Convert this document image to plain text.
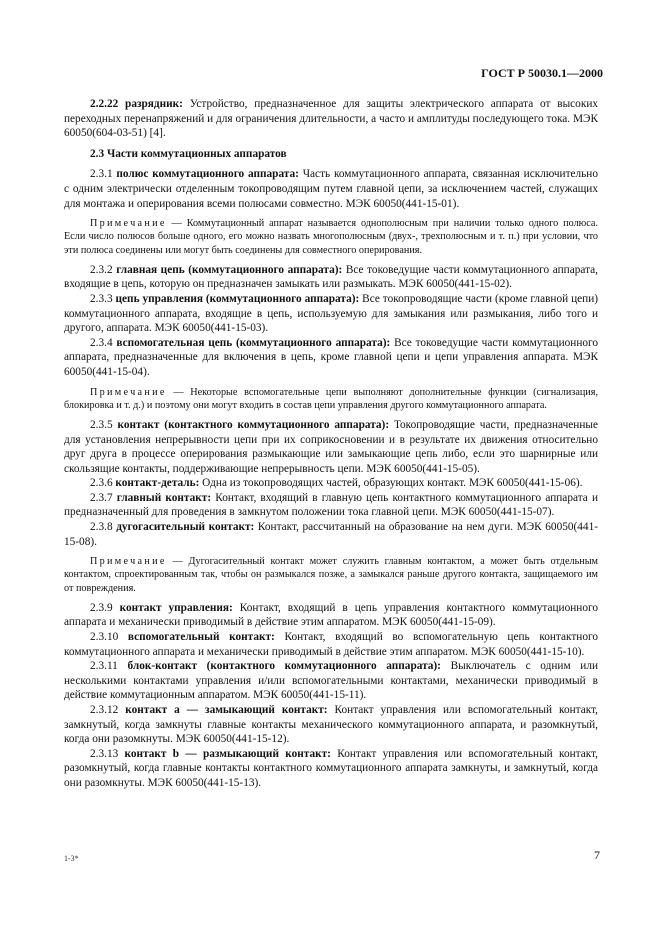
ГОСТ Р 50030.1—2000

2.2.22 разрядник: Устройство, предназначенное для защиты электрического аппарата от высоких переходных перенапряжений и для ограничения длительности, а часто и амплитуды последующего тока. МЭК 60050(604-03-51) [4].

2.3 Части коммутационных аппаратов

2.3.1 полюс коммутационного аппарата: Часть коммутационного аппарата, связанная исключительно с одним электрически отделенным токопроводящим путем главной цепи, за исключением частей, служащих для монтажа и оперирования всеми полюсами совместно. МЭК 60050(441-15-01).

Примечание — Коммутационный аппарат называется однополюсным при наличии только одного полюса. Если число полюсов больше одного, его можно назвать многополюсным (двух-, трехполюсным и т. п.) при условии, что эти полюса соединены или могут быть соединены для совместного оперирования.

2.3.2 главная цепь (коммутационного аппарата): Все токоведущие части коммутационного аппарата, входящие в цепь, которую он предназначен замыкать или размыкать. МЭК 60050(441-15-02).

2.3.3 цепь управления (коммутационного аппарата): Все токопроводящие части (кроме главной цепи) коммутационного аппарата, входящие в цепь, используемую для замыкания или размыкания, либо того и другого, аппарата. МЭК 60050(441-15-03).

2.3.4 вспомогательная цепь (коммутационного аппарата): Все токоведущие части коммутационного аппарата, предназначенные для включения в цепь, кроме главной цепи и цепи управления аппарата. МЭК 60050(441-15-04).

Примечание — Некоторые вспомогательные цепи выполняют дополнительные функции (сигнализация, блокировка и т. д.) и поэтому они могут входить в состав цепи управления другого коммутационного аппарата.

2.3.5 контакт (контактного коммутационного аппарата): Токопроводящие части, предназначенные для установления непрерывности цепи при их соприкосновении и в результате их движения относительно друг друга в процессе оперирования размыкающие или замыкающие цепь либо, если это шарнирные или скользящие контакты, поддерживающие непрерывность цепи. МЭК 60050(441-15-05).

2.3.6 контакт-деталь: Одна из токопроводящих частей, образующих контакт. МЭК 60050(441-15-06).

2.3.7 главный контакт: Контакт, входящий в главную цепь контактного коммутационного аппарата и предназначенный для проведения в замкнутом положении тока главной цепи. МЭК 60050(441-15-07).

2.3.8 дугогасительный контакт: Контакт, рассчитанный на образование на нем дуги. МЭК 60050(441-15-08).

Примечание — Дугогасительный контакт может служить главным контактом, а может быть отдельным контактом, спроектированным так, чтобы он размыкался позже, а замыкался раньше другого контакта, защищаемого им от повреждения.

2.3.9 контакт управления: Контакт, входящий в цепь управления контактного коммутационного аппарата и механически приводимый в действие этим аппаратом. МЭК 60050(441-15-09).

2.3.10 вспомогательный контакт: Контакт, входящий во вспомогательную цепь контактного коммутационного аппарата и механически приводимый в действие этим аппаратом. МЭК 60050(441-15-10).

2.3.11 блок-контакт (контактного коммутационного аппарата): Выключатель с одним или несколькими контактами управления и/или вспомогательными контактами, механически приводимый в действие коммутационным аппаратом. МЭК 60050(441-15-11).

2.3.12 контакт a — замыкающий контакт: Контакт управления или вспомогательный контакт, замкнутый, когда замкнуты главные контакты механического коммутационного аппарата, и разомкнутый, когда они разомкнуты. МЭК 60050(441-15-12).

2.3.13 контакт b — размыкающий контакт: Контакт управления или вспомогательный контакт, разомкнутый, когда главные контакты контактного коммутационного аппарата замкнуты, и замкнутый, когда они разомкнуты. МЭК 60050(441-15-13).

1-3*	7
